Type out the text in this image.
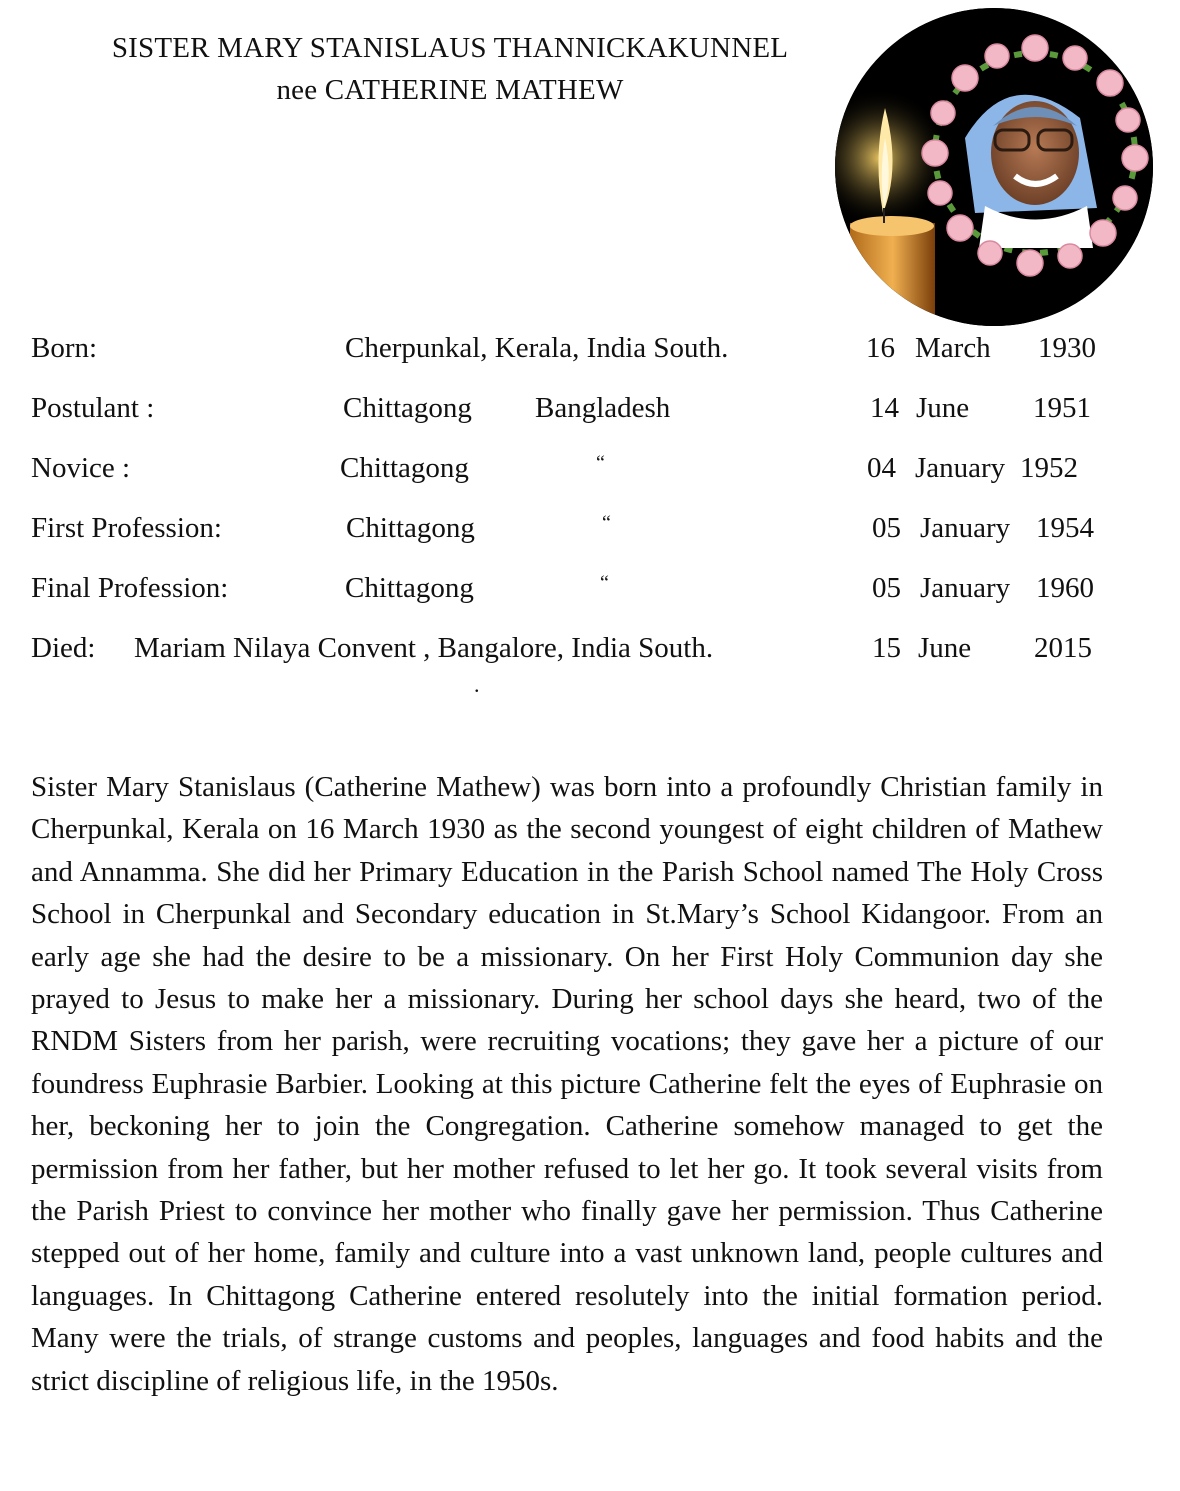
SISTER MARY STANISLAUS THANNICKAKUNNEL
nee CATHERINE MATHEW
Born:	Cherpunkal, Kerala, India South.	16 March 1930
Postulant :	Chittagong Bangladesh	14 June 1951
Novice :	Chittagong	“	04 January 1952
First Profession:	Chittagong	“	05 January 1954
Final Profession:	Chittagong	“	05 January 1960
Died: Mariam Nilaya Convent , Bangalore, India South.	15 June 2015
.

Sister Mary Stanislaus (Catherine Mathew) was born into a profoundly Christian family in Cherpunkal, Kerala on 16 March 1930 as the second youngest of eight children of Mathew and Annamma. She did her Primary Education in the Parish School named The Holy Cross School in Cherpunkal and Secondary education in St.Mary’s School Kidangoor. From an early age she had the desire to be a missionary. On her First Holy Communion day she prayed to Jesus to make her a missionary. During her school days she heard, two of the RNDM Sisters from her parish, were recruiting vocations; they gave her a picture of our foundress Euphrasie Barbier. Looking at this picture Catherine felt the eyes of Euphrasie on her, beckoning her to join the Congregation. Catherine somehow managed to get the permission from her father, but her mother refused to let her go. It took several visits from the Parish Priest to convince her mother who finally gave her permission. Thus Catherine stepped out of her home, family and culture into a vast unknown land, people cultures and languages. In Chittagong Catherine entered resolutely into the initial formation period. Many were the trials, of strange customs and peoples, languages and food habits and the strict discipline of religious life, in the 1950s.
